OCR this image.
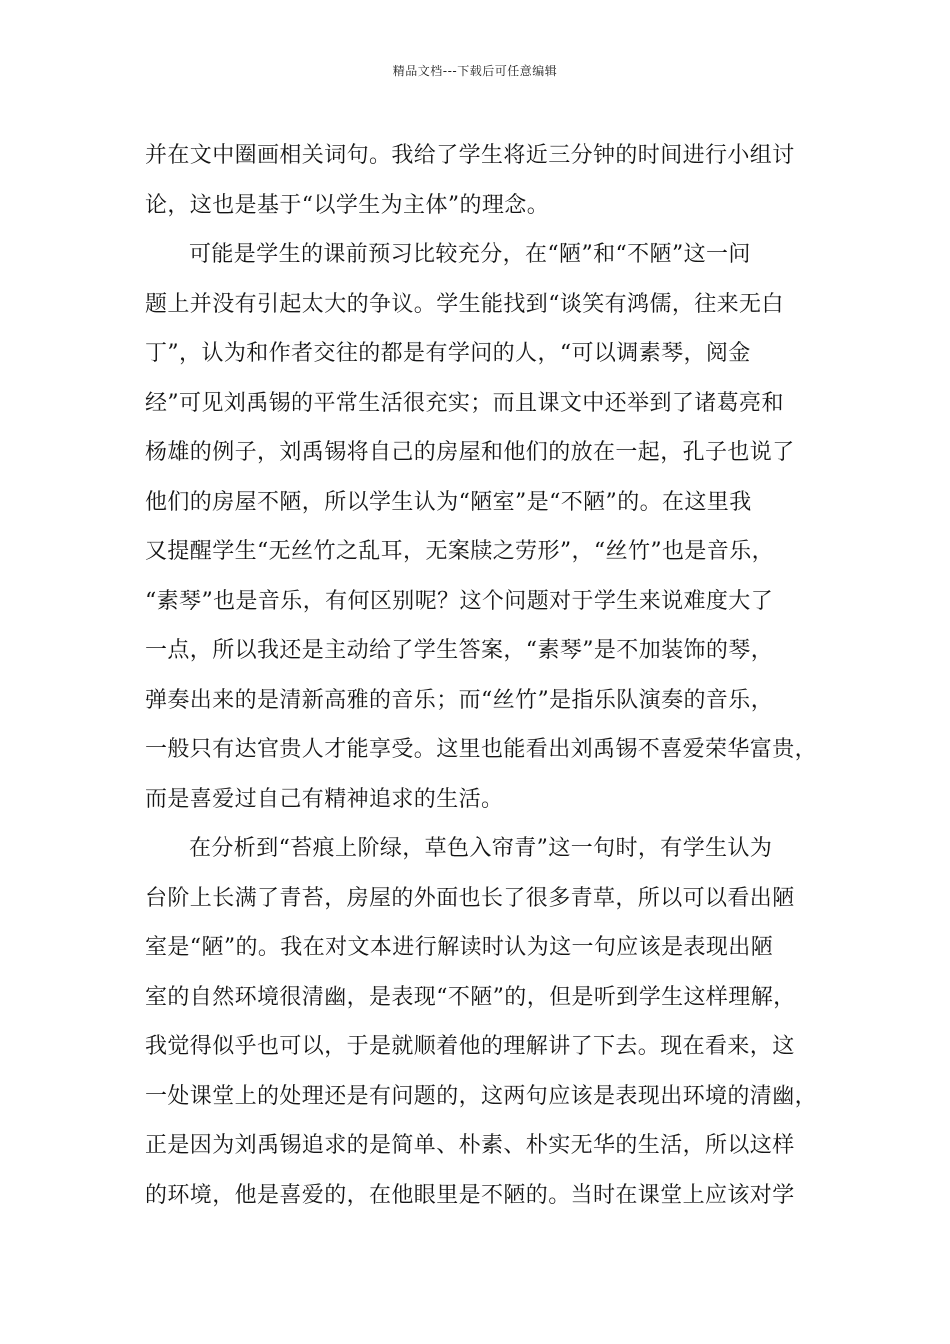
精品文档---下载后可任意编辑
并在文中圈画相关词句。我给了学生将近三分钟的时间进行小组讨
论，这也是基于“以学生为主体”的理念。
可能是学生的课前预习比较充分，在“陋”和“不陋”这一问
题上并没有引起太大的争议。学生能找到“谈笑有鸿儒，往来无白
丁”，认为和作者交往的都是有学问的人，“可以调素琴，阅金
经”可见刘禹锡的平常生活很充实；而且课文中还举到了诸葛亮和
杨雄的例子，刘禹锡将自己的房屋和他们的放在一起，孔子也说了
他们的房屋不陋，所以学生认为“陋室”是“不陋”的。在这里我
又提醒学生“无丝竹之乱耳，无案牍之劳形”，“丝竹”也是音乐，
“素琴”也是音乐，有何区别呢？这个问题对于学生来说难度大了
一点，所以我还是主动给了学生答案，“素琴”是不加装饰的琴，
弹奏出来的是清新高雅的音乐；而“丝竹”是指乐队演奏的音乐，
一般只有达官贵人才能享受。这里也能看出刘禹锡不喜爱荣华富贵，
而是喜爱过自己有精神追求的生活。
在分析到“苔痕上阶绿，草色入帘青”这一句时，有学生认为
台阶上长满了青苔，房屋的外面也长了很多青草，所以可以看出陋
室是“陋”的。我在对文本进行解读时认为这一句应该是表现出陋
室的自然环境很清幽，是表现“不陋”的，但是听到学生这样理解，
我觉得似乎也可以，于是就顺着他的理解讲了下去。现在看来，这
一处课堂上的处理还是有问题的，这两句应该是表现出环境的清幽，
正是因为刘禹锡追求的是简单、朴素、朴实无华的生活，所以这样
的环境，他是喜爱的，在他眼里是不陋的。当时在课堂上应该对学
